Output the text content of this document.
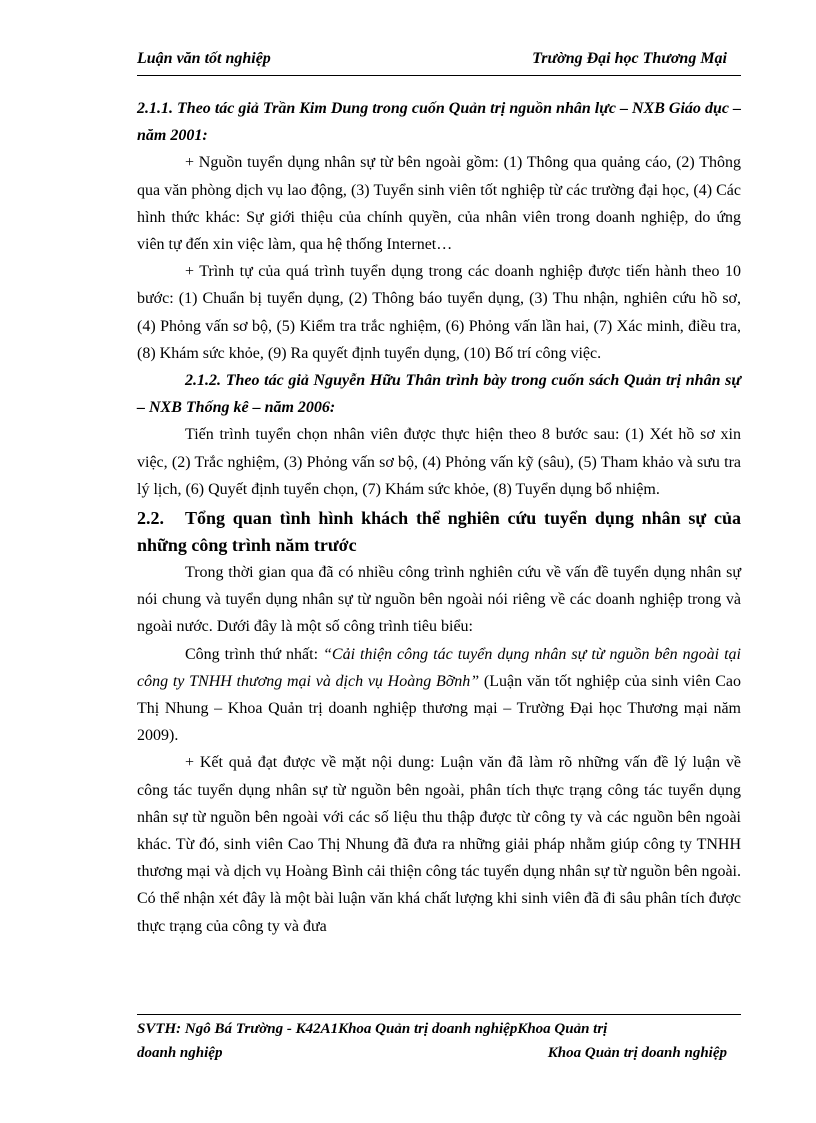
Luận văn tốt nghiệp	Trường Đại học Thương Mại

2.1.1. Theo tác giả Trần Kim Dung trong cuốn Quản trị nguồn nhân lực – NXB Giáo dục – năm 2001:

+ Nguồn tuyển dụng nhân sự từ bên ngoài gồm: (1) Thông qua quảng cáo, (2) Thông qua văn phòng dịch vụ lao động, (3) Tuyển sinh viên tốt nghiệp từ các trường đại học, (4) Các hình thức khác: Sự giới thiệu của chính quyền, của nhân viên trong doanh nghiệp, do ứng viên tự đến xin việc làm, qua hệ thống Internet…

+ Trình tự của quá trình tuyển dụng trong các doanh nghiệp được tiến hành theo 10 bước: (1) Chuẩn bị tuyển dụng, (2) Thông báo tuyển dụng, (3) Thu nhận, nghiên cứu hồ sơ, (4) Phỏng vấn sơ bộ, (5) Kiểm tra trắc nghiệm, (6) Phỏng vấn lần hai, (7) Xác minh, điều tra, (8) Khám sức khỏe, (9) Ra quyết định tuyển dụng, (10) Bố trí công việc.

2.1.2. Theo tác giả Nguyễn Hữu Thân trình bày trong cuốn sách Quản trị nhân sự – NXB Thống kê – năm 2006:

Tiến trình tuyển chọn nhân viên được thực hiện theo 8 bước sau: (1) Xét hồ sơ xin việc, (2) Trắc nghiệm, (3) Phỏng vấn sơ bộ, (4) Phỏng vấn kỹ (sâu), (5) Tham khảo và sưu tra lý lịch, (6) Quyết định tuyển chọn, (7) Khám sức khỏe, (8) Tuyển dụng bổ nhiệm.

2.2. Tổng quan tình hình khách thể nghiên cứu tuyển dụng nhân sự của những công trình năm trước

Trong thời gian qua đã có nhiều công trình nghiên cứu về vấn đề tuyển dụng nhân sự nói chung và tuyển dụng nhân sự từ nguồn bên ngoài nói riêng về các doanh nghiệp trong và ngoài nước. Dưới đây là một số công trình tiêu biểu:

Công trình thứ nhất: “Cải thiện công tác tuyển dụng nhân sự từ nguồn bên ngoài tại công ty TNHH thương mại và dịch vụ Hoàng Bỡnh” (Luận văn tốt nghiệp của sinh viên Cao Thị Nhung – Khoa Quản trị doanh nghiệp thương mại – Trường Đại học Thương mại năm 2009).

+ Kết quả đạt được về mặt nội dung: Luận văn đã làm rõ những vấn đề lý luận về công tác tuyển dụng nhân sự từ nguồn bên ngoài, phân tích thực trạng công tác tuyển dụng nhân sự từ nguồn bên ngoài với các số liệu thu thập được từ công ty và các nguồn bên ngoài khác. Từ đó, sinh viên Cao Thị Nhung đã đưa ra những giải pháp nhằm giúp công ty TNHH thương mại và dịch vụ Hoàng Bình cải thiện công tác tuyển dụng nhân sự từ nguồn bên ngoài. Có thể nhận xét đây là một bài luận văn khá chất lượng khi sinh viên đã đi sâu phân tích được thực trạng của công ty và đưa

SVTH: Ngô Bá Trường - K42A1Khoa Quản trị doanh nghiệpKhoa Quản trị
doanh nghiệp	Khoa Quản trị doanh nghiệp
